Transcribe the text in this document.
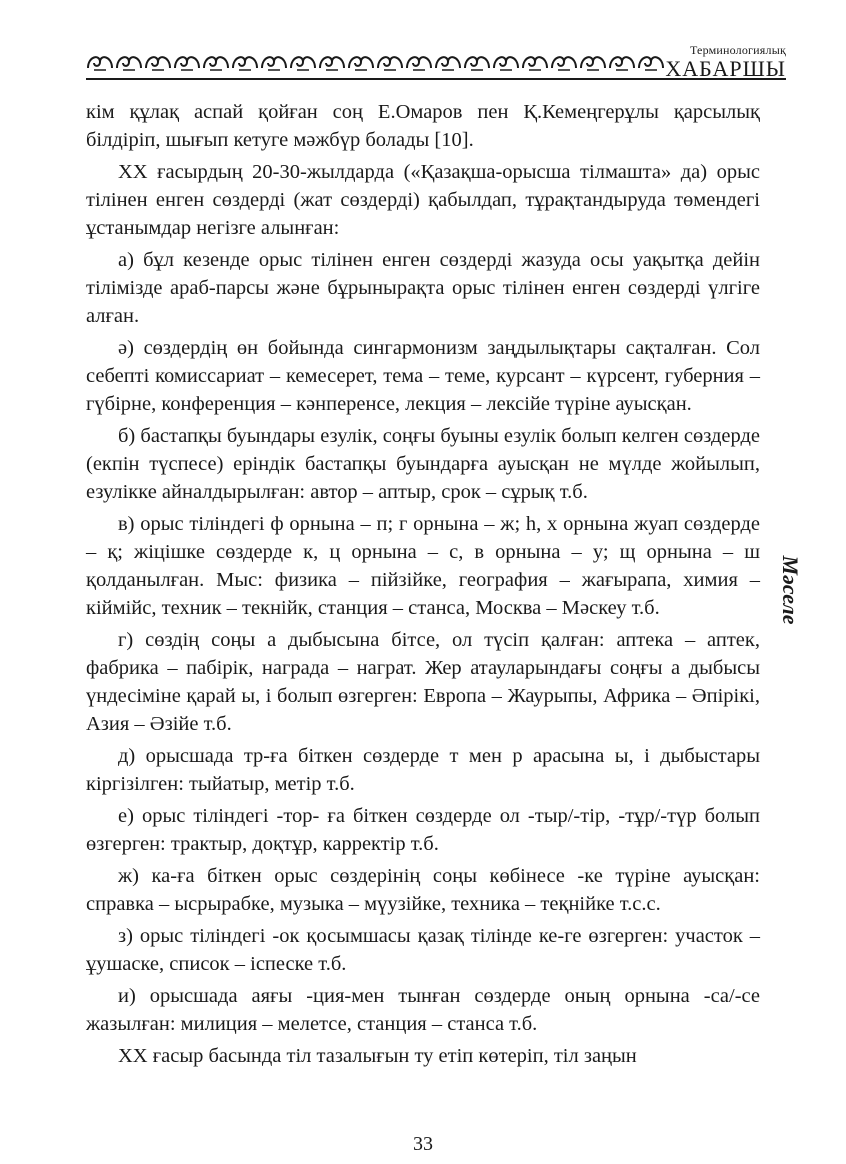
Терминологиялық
ХАБАРШЫ

кім құлақ аспай қойған соң Е.Омаров пен Қ.Кемеңгерұлы қарсылық білдіріп, шығып кетуге мәжбүр болады [10].

XX ғасырдың 20-30-жылдарда («Қазақша-орысша тілмашта» да) орыс тілінен енген сөздерді (жат сөздерді) қабылдап, тұрақтандыруда төмендегі ұстанымдар негізге алынған:

а) бұл кезенде орыс тілінен енген сөздерді жазуда осы уақытқа дейін тілімізде араб-парсы және бұрынырақта орыс тілінен енген сөздерді үлгіге алған.

ә) сөздердің өн бойында сингармонизм заңдылықтары сақталған. Сол себепті комиссариат – кемесерет, тема – теме, курсант – күрсент, губерния – гүбірне, конференция – кәнперенсе, лекция – лексійе түріне ауысқан.

б) бастапқы буындары езулік, соңғы буыны езулік болып келген сөздерде (екпін түспесе) еріндік бастапқы буындарға ауысқан не мүлде жойылып, езулікке айналдырылған: автор – аптыр, срок – сұрық т.б.

в) орыс тіліндегі ф орнына – п; г орнына – ж; h, х орнына жуап сөздерде – қ; жіцішке сөздерде к, ц орнына – с, в орнына – у; щ орнына – ш қолданылған. Мыс: физика – пійзійке, география – жағырапа, химия – кіймійс, техник – текнійк, станция – станса, Москва – Мәскеу т.б.

г) сөздің соңы а дыбысына бітсе, ол түсіп қалған: аптека – аптек, фабрика – пабірік, награда – награт. Жер атауларындағы соңғы а дыбысы үндесіміне қарай ы, і болып өзгерген: Европа – Жаурыпы, Африка – Әпірікі, Азия – Әзійе т.б.

д) орысшада тр-ға біткен сөздерде т мен р арасына ы, і дыбыстары кіргізілген: тыйатыр, метір т.б.

е) орыс тіліндегі -тор- ға біткен сөздерде ол -тыр/-тір, -тұр/-түр болып өзгерген: трактыр, доқтұр, карректір т.б.

ж) ка-ға біткен орыс сөздерінің соңы көбінесе -ке түріне ауысқан: справка – ысрырабке, музыка – мүузійке, техника – теқнійке т.с.с.

з) орыс тіліндегі -ок қосымшасы қазақ тілінде ке-ге өзгерген: участок – ұушаске, список – іспеске т.б.

и) орысшада аяғы -ция-мен тынған сөздерде оның орнына -са/-се жазылған: милиция – мелетсе, станция – станса т.б.

XX ғасыр басында тіл тазалығын ту етіп көтеріп, тіл заңын

Мәселе
33
